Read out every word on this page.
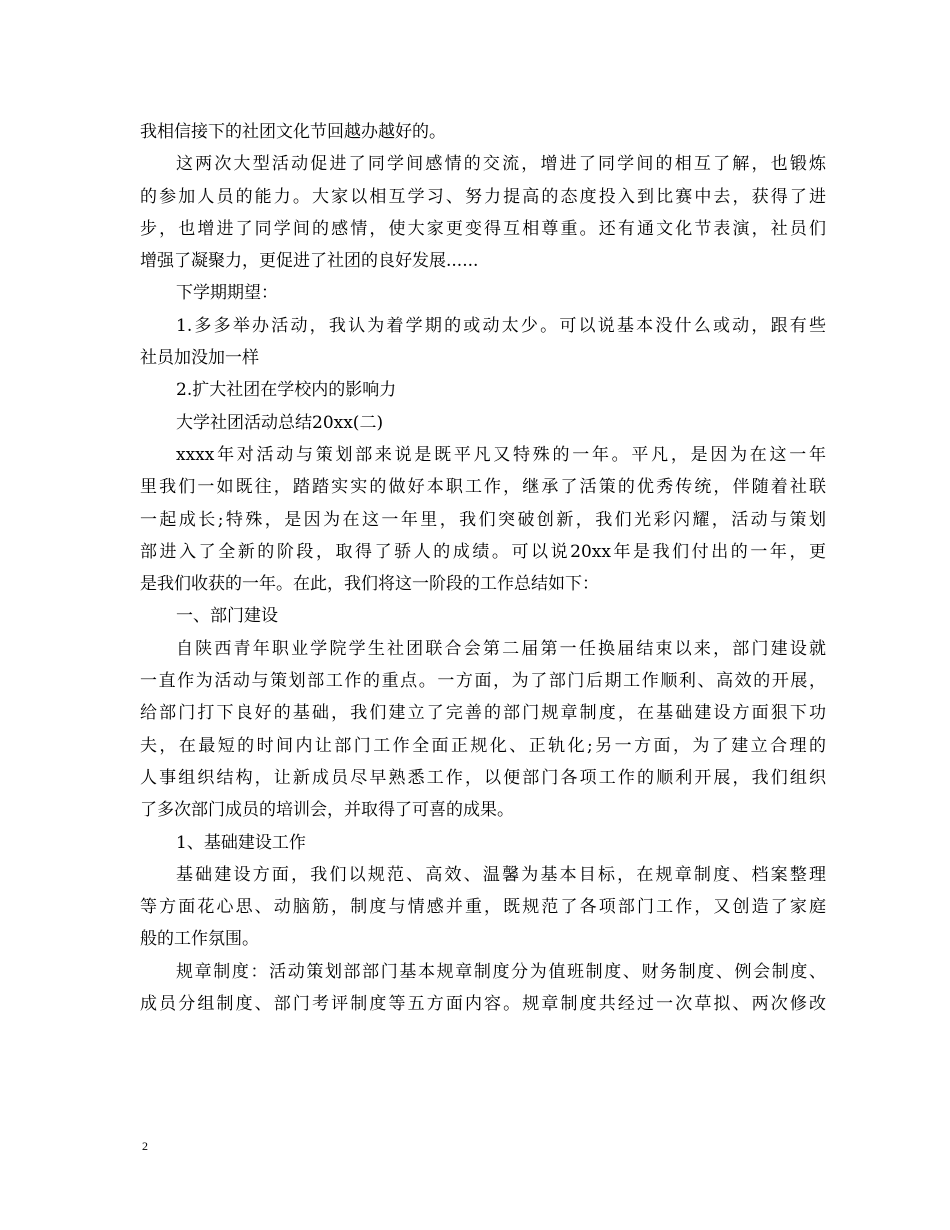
我相信接下的社团文化节回越办越好的。
这两次大型活动促进了同学间感情的交流，增进了同学间的相互了解，也锻炼
的参加人员的能力。大家以相互学习、努力提高的态度投入到比赛中去，获得了进
步，也增进了同学间的感情，使大家更变得互相尊重。还有通文化节表演，社员们
增强了凝聚力，更促进了社团的良好发展......
下学期期望：
1.多多举办活动，我认为着学期的或动太少。可以说基本没什么或动，跟有些
社员加没加一样
2.扩大社团在学校内的影响力
大学社团活动总结20xx(二)
xxxx年对活动与策划部来说是既平凡又特殊的一年。平凡，是因为在这一年
里我们一如既往，踏踏实实的做好本职工作，继承了活策的优秀传统，伴随着社联
一起成长;特殊，是因为在这一年里，我们突破创新，我们光彩闪耀，活动与策划
部进入了全新的阶段，取得了骄人的成绩。可以说20xx年是我们付出的一年，更
是我们收获的一年。在此，我们将这一阶段的工作总结如下：
一、部门建设
自陕西青年职业学院学生社团联合会第二届第一任换届结束以来，部门建设就
一直作为活动与策划部工作的重点。一方面，为了部门后期工作顺利、高效的开展，
给部门打下良好的基础，我们建立了完善的部门规章制度，在基础建设方面狠下功
夫，在最短的时间内让部门工作全面正规化、正轨化;另一方面，为了建立合理的
人事组织结构，让新成员尽早熟悉工作，以便部门各项工作的顺利开展，我们组织
了多次部门成员的培训会，并取得了可喜的成果。
1、基础建设工作
基础建设方面，我们以规范、高效、温馨为基本目标，在规章制度、档案整理
等方面花心思、动脑筋，制度与情感并重，既规范了各项部门工作，又创造了家庭
般的工作氛围。
规章制度：活动策划部部门基本规章制度分为值班制度、财务制度、例会制度、
成员分组制度、部门考评制度等五方面内容。规章制度共经过一次草拟、两次修改
2
